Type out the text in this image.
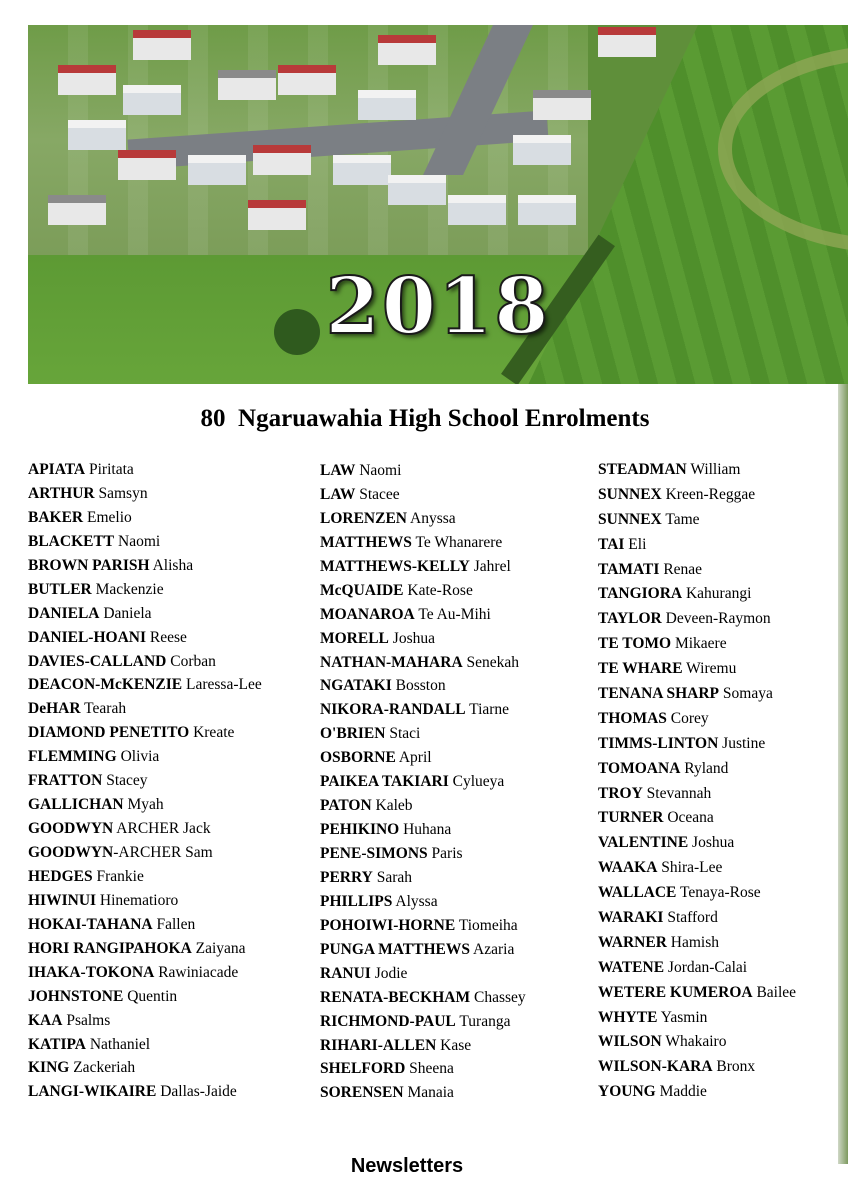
2018
80  Ngaruawahia High School Enrolments
APIATA Piritata
ARTHUR Samsyn
BAKER Emelio
BLACKETT Naomi
BROWN PARISH Alisha
BUTLER Mackenzie
DANIELA Daniela
DANIEL-HOANI Reese
DAVIES-CALLAND Corban
DEACON-McKENZIE Laressa-Lee
DeHAR Tearah
DIAMOND PENETITO Kreate
FLEMMING Olivia
FRATTON Stacey
GALLICHAN Myah
GOODWYN ARCHER Jack
GOODWYN-ARCHER Sam
HEDGES Frankie
HIWINUI Hinematioro
HOKAI-TAHANA Fallen
HORI RANGIPAHOKA Zaiyana
IHAKA-TOKONA Rawiniacade
JOHNSTONE Quentin
KAA Psalms
KATIPA Nathaniel
KING Zackeriah
LANGI-WIKAIRE Dallas-Jaide
LAW Naomi
LAW Stacee
LORENZEN Anyssa
MATTHEWS Te Whanarere
MATTHEWS-KELLY Jahrel
McQUAIDE Kate-Rose
MOANAROA Te Au-Mihi
MORELL Joshua
NATHAN-MAHARA Senekah
NGATAKI Bosston
NIKORA-RANDALL Tiarne
O'BRIEN Staci
OSBORNE April
PAIKEA TAKIARI Cylueya
PATON Kaleb
PEHIKINO Huhana
PENE-SIMONS Paris
PERRY Sarah
PHILLIPS Alyssa
POHOIWI-HORNE Tiomeiha
PUNGA MATTHEWS Azaria
RANUI Jodie
RENATA-BECKHAM Chassey
RICHMOND-PAUL Turanga
RIHARI-ALLEN Kase
SHELFORD Sheena
SORENSEN Manaia
STEADMAN William
SUNNEX Kreen-Reggae
SUNNEX Tame
TAI Eli
TAMATI Renae
TANGIORA Kahurangi
TAYLOR Deveen-Raymon
TE TOMO Mikaere
TE WHARE Wiremu
TENANA SHARP Somaya
THOMAS Corey
TIMMS-LINTON Justine
TOMOANA Ryland
TROY Stevannah
TURNER Oceana
VALENTINE Joshua
WAAKA Shira-Lee
WALLACE Tenaya-Rose
WARAKI Stafford
WARNER Hamish
WATENE Jordan-Calai
WETERE KUMEROA Bailee
WHYTE Yasmin
WILSON Whakairo
WILSON-KARA Bronx
YOUNG Maddie
Newsletters
